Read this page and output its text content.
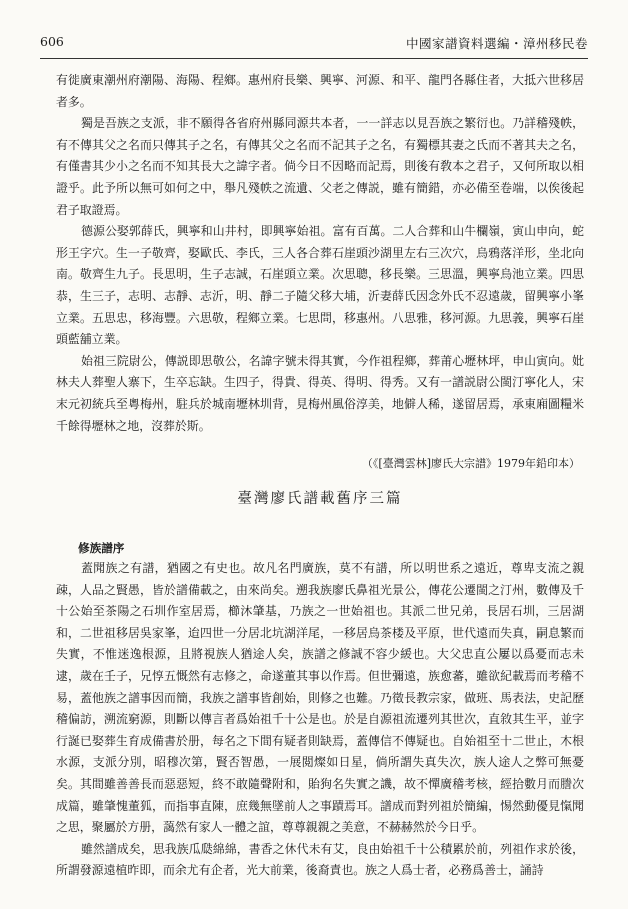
606	中國家譜資料選編・漳州移民卷

有徙廣東潮州府潮陽、海陽、程鄉。惠州府長樂、興寧、河源、和平、龍門各縣住者，大抵六世移居者多。

獨是吾族之支派，非不願得各省府州縣同源共本者，一一詳志以見吾族之繁衍也。乃詳稽殘帙，有不傳其父之名而只傳其子之名，有傳其父之名而不記其子之名，有獨標其妻之氏而不著其夫之名，有僅書其少小之名而不知其長大之諱字者。倘今日不因略而記焉，則後有敎本之君子，又何所取以相證乎。此予所以無可如何之中，舉凡殘帙之流遺、父老之傳説，雖有簡錯，亦必備至卷端，以俟後起君子取證焉。

德源公娶郭薛氏，興寧和山井村，即興寧始祖。富有百萬。二人合葬和山牛欄嶺，寅山申向，蛇形王字穴。生一子敬齊，娶歐氏、李氏，三人各合葬石崖頭沙湖里左右三次穴，烏鴉落洋形，坐北向南。敬齊生九子。長思明，生子志誠，石崖頭立業。次思聰，移長樂。三思溫，興寧烏池立業。四思恭，生三子，志明、志靜、志沂，明、靜二子隨父移大埔，沂妻薛氏因念外氏不忍遠歲，留興寧小峯立業。五思忠，移海豐。六思敬，程鄉立業。七思問，移惠州。八思雅，移河源。九思義，興寧石崖頭藍舖立業。

始祖三院尉公，傳説即思敬公，名諱字號未得其實，今作祖程鄉，葬莆心壢林坪，申山寅向。妣林夫人葬聖人寨下，生卒忘缺。生四子，得貴、得英、得明、得秀。又有一譜説尉公閩汀寧化人，宋末元初統兵至粵梅州，駐兵於城南壢林圳背，見梅州風俗淳美，地僻人稀，遂留居焉，承東廂圖糧米千餘得壢林之地，沒葬於斯。

（《[臺灣雲林]廖氏大宗譜》1979年鉛印本）
臺灣廖氏譜載舊序三篇
修族譜序

蓋聞族之有譜，猶國之有史也。故凡名門廣族，莫不有譜，所以明世系之遠近，尊卑支流之親疎，人品之賢愚，皆於譜備載之，由來尚矣。遡我族廖氏鼻祖光景公，傳花公遷閩之汀州，數傳及千十公始至茶陽之石圳作室居焉，櫛沐肇基，乃族之一世始祖也。其派二世兄弟，長居石圳，三居湖和，二世祖移居吳家峯，迨四世一分居北坑湖洋尾，一移居烏茶楼及平原，世代遠而失真，嗣息繁而失實，不惟迷逸根源，且將視族人猶途人矣，族譜之修誠不容少緩也。大父忠直公屢以爲憂而志未逮，歲在壬子，兄惇五慨然有志修之，命遂董其事以作焉。但世彌遠，族愈蕃，雖欲紀載焉而考稽不易，蓋他族之譜事因而簡，我族之譜事皆創始，則修之也難。乃徵長教宗家，做班、馬表法，史記歷稽偏訪，溯流窮源，則斷以傳言者爲始祖千十公是也。於是自源祖流遷列其世次，直敘其生平，並字行誕已娶葬生育成備書於册，每名之下間有疑者則缺焉，蓋傳信不傳疑也。自始祖至十二世止，木根水源，支派分別，昭穆次第，賢否智愚，一展閲燦如日星，倘所謂失真失次，族人途人之弊可無憂矣。其間雖善善長而惡惡短，終不敢隨聲附和，貽狗名失實之譏，故不憚廣稽考核，經拾數月而謄次成篇，雖肇愧董狐，而指事直陳，庶幾無墜前人之事蹟焉耳。譜成而對列祖於簡編，惕然動優見愾聞之思，聚屬於方册，藹然有家人一體之誼，尊尊親親之美意，不赫赫然於今日乎。

雖然譜成矣，思我族瓜瓞綿綿，書香之休代未有艾，良由始祖千十公積累於前，列祖作求於後，所謂發源遠植昨即，而余尤有企者，光大前業，後裔責也。族之人爲士者，必務爲善士，誦詩
